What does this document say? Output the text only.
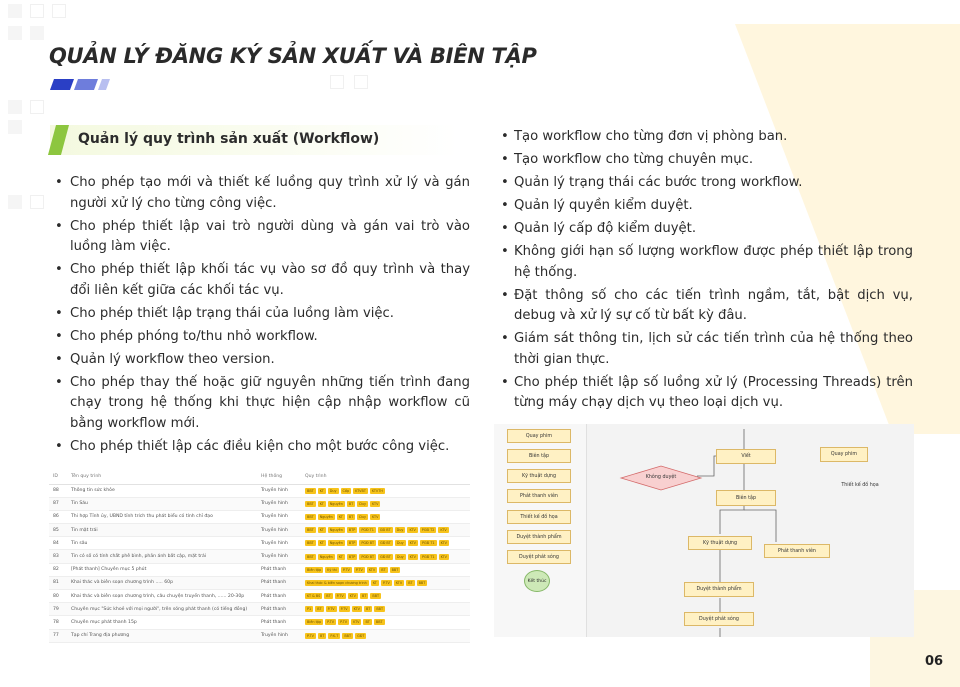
QUẢN LÝ ĐĂNG KÝ SẢN XUẤT VÀ BIÊN TẬP
Quản lý quy trình sản xuất (Workflow)
• Cho phép tạo mới và thiết kế luồng quy trình xử lý và gán người xử lý cho từng công việc.
• Cho phép thiết lập vai trò người dùng và gán vai trò vào luồng làm việc.
• Cho phép thiết lập khối tác vụ vào sơ đồ quy trình và thay đổi liên kết giữa các khối tác vụ.
• Cho phép thiết lập trạng thái của luồng làm việc.
• Cho phép phóng to/thu nhỏ workflow.
• Quản lý workflow theo version.
• Cho phép thay thế hoặc giữ nguyên những tiến trình đang chạy trong hệ thống khi thực hiện cập nhập workflow cũ bằng workflow mới.
• Cho phép thiết lập các điều kiện cho một bước công việc.
• Tạo workflow cho từng đơn vị phòng ban.
• Tạo workflow cho từng chuyên mục.
• Quản lý trạng thái các bước trong workflow.
• Quản lý quyền kiểm duyệt.
• Quản lý cấp độ kiểm duyệt.
• Không giới hạn số lượng workflow được phép thiết lập trong hệ thống.
• Đặt thông số cho các tiến trình ngầm, tắt, bật dịch vụ, debug và xử lý sự cố từ bất kỳ đâu.
• Giám sát thông tin, lịch sử các tiến trình của hệ thống theo thời gian thực.
• Cho phép thiết lập số luồng xử lý (Processing Threads) trên từng máy chạy dịch vụ theo loại dịch vụ.
ID	Tên quy trình	Hệ thống	Quy trình
88	Thông tin sức khỏe	Truyền hình	BBT KT Duy Cấp KTVBT KTVTH
87	Tin Sáu	Truyền hình	BBT KT Nguyên BT Duy KTV
86	Thi hợp Tỉnh ủy, UBND tỉnh trích thu phát biểu có tính chỉ đạo	Truyền hình	BBT Nguyên KT BT Duy KTV
85	Tin mặt trái	Truyền hình	BBT KT Nguyên BTP PGĐ T1 GĐ BT Duy KTV PGĐ T2 KTV
84	Tin sâu	Truyền hình	BBT KT Nguyên BTP PGĐ BT GĐ BT Duy KTV PGĐ T1 KTV
83	Tin có số có tính chất phê bình, phản ánh bất cập, mặt trái	Truyền hình	BBT Nguyên KT BTP PGĐ BT GĐ BT Duy KTV PGĐ T1 KTV
82	[Phát thanh] Chuyên mục 5 phút	Phát thanh	Biên tập Kỹ thi P.TV P.TV KTV BT BBT
81	Khai thác và biên soạn chương trình ..... 60p	Phát thanh	Khai thác & biên soạn chương trình KT P.TV KTV BT BBT
80	Khai thác và biên soạn chương trình, câu chuyện truyền thanh, ...... 20-30p	Phát thanh	KT & BS BT P.TV KTV BT BBT
79	Chuyên mục "Sức khoẻ với mọi người", trên sóng phát thanh (có tiếng đồng)	Phát thanh	P1 BT P.TV P.TV KTV BT BBT
78	Chuyên mục phát thanh 15p	Phát thanh	Biên tập P.TV P.TV KTV BT BBT
77	Tạp chí Trang địa phương	Truyền hình	P.TV BT P.K.T BBT GĐT
Quay phim
Biên tập
Kỹ thuật dựng
Phát thanh viên
Thiết kế đồ họa
Duyệt thành phẩm
Duyệt phát sóng
Kết thúc
Viết
Không duyệt
Quay phim
Thiết kế đồ họa
Biên tập
Kỹ thuật dựng
Phát thanh viên
Duyệt thành phẩm
Duyệt phát sóng
06
